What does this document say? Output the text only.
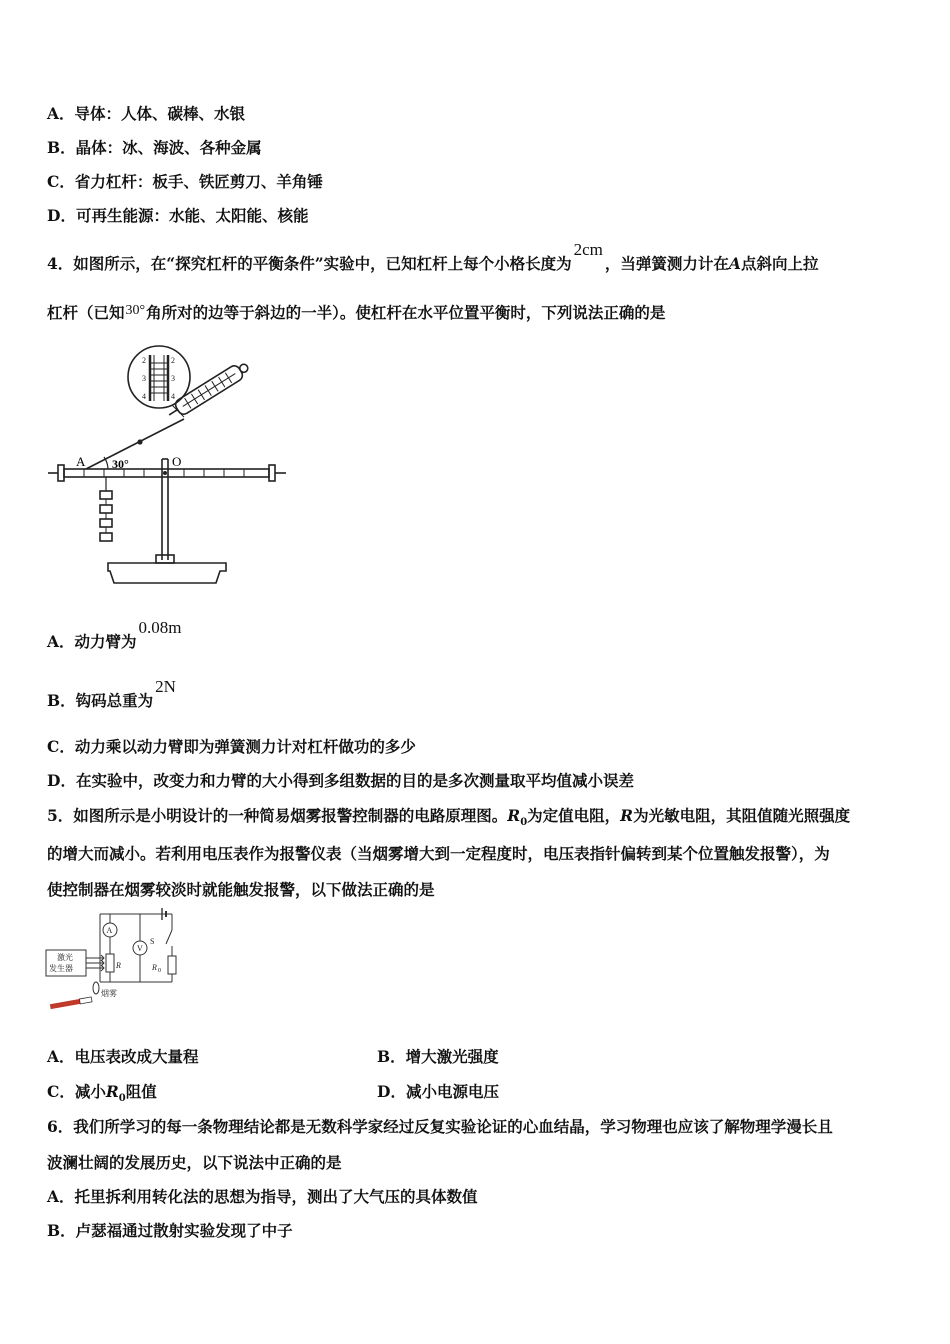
A．导体：人体、碳棒、水银
B．晶体：冰、海波、各种金属
C．省力杠杆：板手、铁匠剪刀、羊角锤
D．可再生能源：水能、太阳能、核能
4．如图所示，在“探究杠杆的平衡条件”实验中，已知杠杆上每个小格长度为2cm，当弹簧测力计在A点斜向上拉
杠杆（已知30°角所对的边等于斜边的一半）。使杠杆在水平位置平衡时，下列说法正确的是
A 30°	O
2
3
4
2
3
4
A．动力臂为0.08m
B．钩码总重为2N
C．动力乘以动力臂即为弹簧测力计对杠杆做功的多少
D．在实验中，改变力和力臂的大小得到多组数据的目的是多次测量取平均值减小误差
5．如图所示是小明设计的一种简易烟雾报警控制器的电路原理图。$R_0$为定值电阻，R为光敏电阻，其阻值随光照强度
的增大而减小。若利用电压表作为报警仪表（当烟雾增大到一定程度时，电压表指针偏转到某个位置触发报警），为
使控制器在烟雾较淡时就能触发报警，以下做法正确的是
激光
发生器
A
V
S
R	R 0
烟雾
A．电压表改成大量程	B．增大激光强度
C．减小$R_0$阻值	D．减小电源电压
6．我们所学习的每一条物理结论都是无数科学家经过反复实验论证的心血结晶，学习物理也应该了解物理学漫长且
波澜壮阔的发展历史，以下说法中正确的是
A．托里拆利用转化法的思想为指导，测出了大气压的具体数值
B．卢瑟福通过散射实验发现了中子
